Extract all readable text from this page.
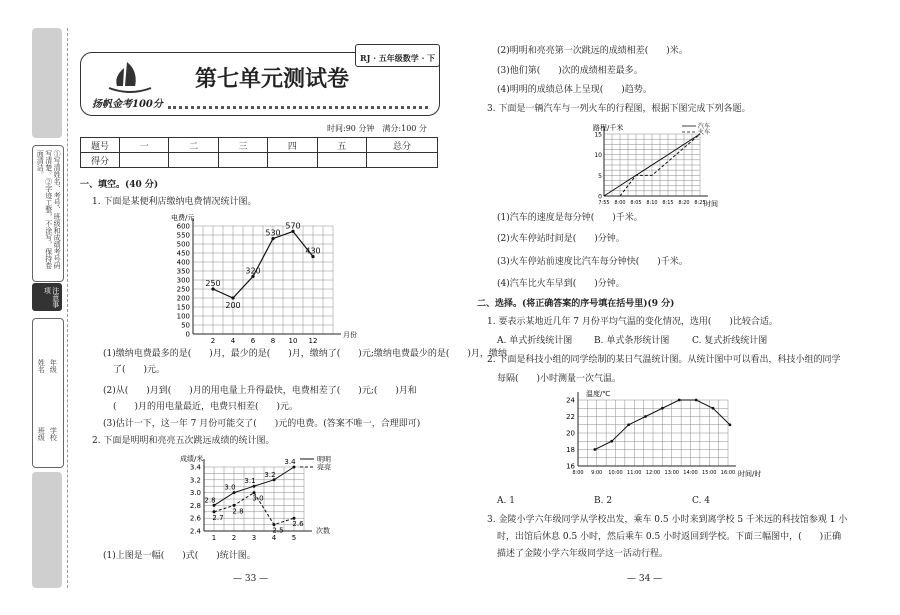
①写清姓名、考号、班级和成绩考号码写清楚。②字迹工整，不涂写，保持卷面清洁。
注意事项
学校
年级
姓名
班级
RJ · 五年级数学 · 下
扬帆金考100分
第七单元测试卷
时间:90 分钟　满分:100 分
题号	一	二	三	四	五	总分
得分						
一、填空。(40 分)
1. 下面是某便利店缴纳电费情况统计图。
(1)缴纳电费最多的是(　　)月，最少的是(　　)月，缴纳了(　　)元;缴纳电费最少的是(　　)月，缴纳
了(　　)元。
(2)从(　　)月到(　　)月的用电量上升得最快，电费相差了(　　)元;(　　)月和
(　　)月的用电量最近，电费只相差(　　)元。
(3)估计一下，这一年 7 月份可能交了(　　)元的电费。(答案不唯一，合理即可)
2. 下面是明明和亮亮五次跳远成绩的统计图。
(1)上图是一幅(　　)式(　　)统计图。
— 33 —
电费/元
月份
0
50
100
150
200
250
300
350
400
450
500
550
600
2 4 6 8 10 12
250
200
320
530
570
430
成绩/米
次数
2.4
2.6
2.8
3.0
3.2
3.4
1 2 3 4 5
2.8
3.0
3.1
3.2
3.4	明明
2.7
2.8
3.0
2.5
2.6
亮亮
(2)明明和亮亮第一次跳远的成绩相差(　　)米。
(3)他们第(　　)次的成绩相差最多。
(4)明明的成绩总体上呈现(　　)趋势。
3. 下面是一辆汽车与一列火车的行程图，根据下图完成下列各题。
路程/千米
时间
0
5
10
15
7:55 8:00 8:05 8:10 8:15 8:20 8:25
汽车
火车
(1)汽车的速度是每分钟(　　)千米。
(2)火车停站时间是(　　)分钟。
(3)火车停站前速度比汽车每分钟快(　　)千米。
(4)汽车比火车早到(　　)分钟。
二、选择。(将正确答案的序号填在括号里)(9 分)
1. 要表示某地近几年 7 月份平均气温的变化情况，选用(　　)比较合适。
A. 单式折线统计图 B. 单式条形统计图	C. 复式折线统计图
2. 下面是科技小组的同学绘制的某日气温统计图。从统计图中可以看出，科技小组的同学
每隔(　　)小时测量一次气温。
温度/℃
时间/时
16
18
20
22
24
8:00 9:00 10:00 11:00 12:00 13:00 14:00 15:00 16:00
A. 1	B. 2	C. 4
3. 金陵小学六年级同学从学校出发，乘车 0.5 小时来到离学校 5 千米远的科技馆参观 1 小
时，出馆后休息 0.5 小时，然后乘车 0.5 小时返回到学校。下面三幅图中，(　　)正确
描述了金陵小学六年级同学这一活动行程。
— 34 —
